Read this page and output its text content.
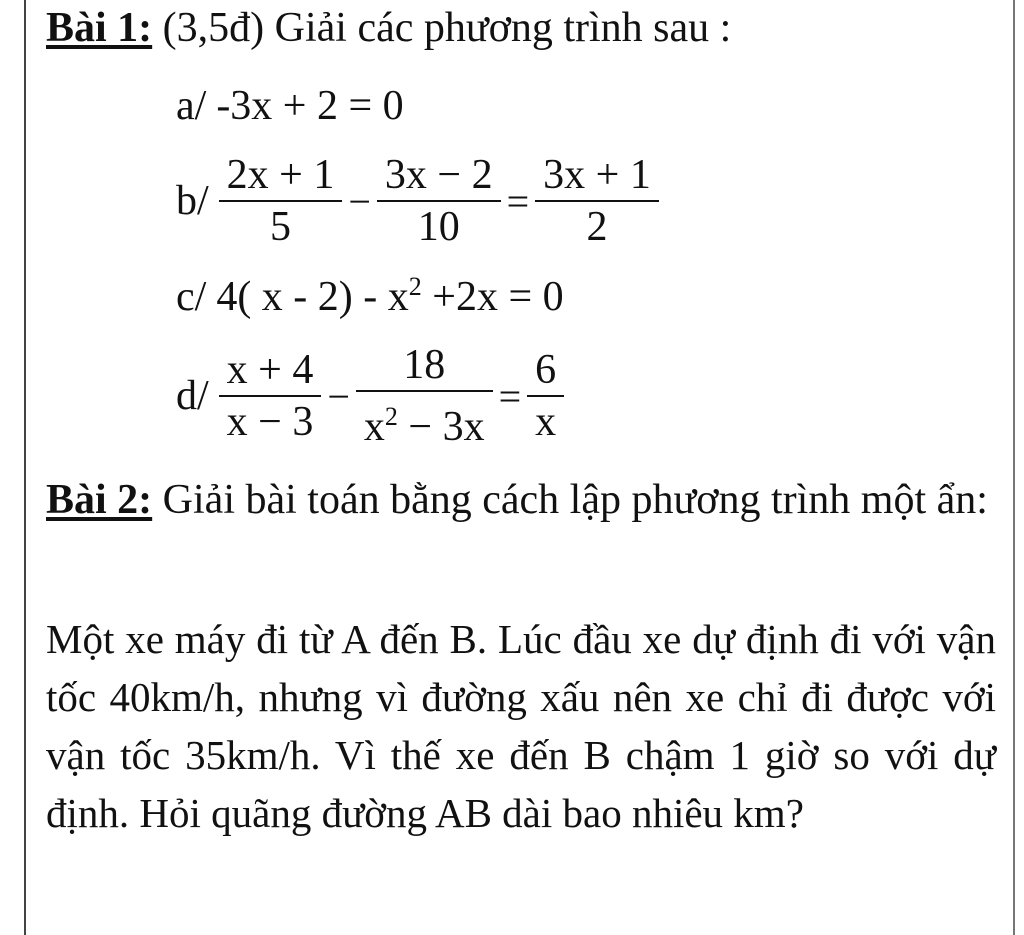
Bài 1: (3,5đ) Giải các phương trình sau :
a/ -3x + 2 = 0
$b/ \frac{2x + 1}{5} - \frac{3x - 2}{10} = \frac{3x + 1}{2}$
c/ 4( $x - 2) - x^2 +2x = 0$
$d/ \frac{x + 4}{x - 3} - \frac{18}{x^2 - 3x} = \frac{6}{x}$
Bài 2: Giải bài toán bằng cách lập phương trình một ẩn:
Một xe máy đi từ A đến B. Lúc đầu xe dự định đi với vận tốc 40km/h, nhưng vì đường xấu nên xe chỉ đi được với vận tốc 35km/h. Vì thế xe đến B chậm 1 giờ so với dự định. Hỏi quãng đường AB dài bao nhiêu km?
